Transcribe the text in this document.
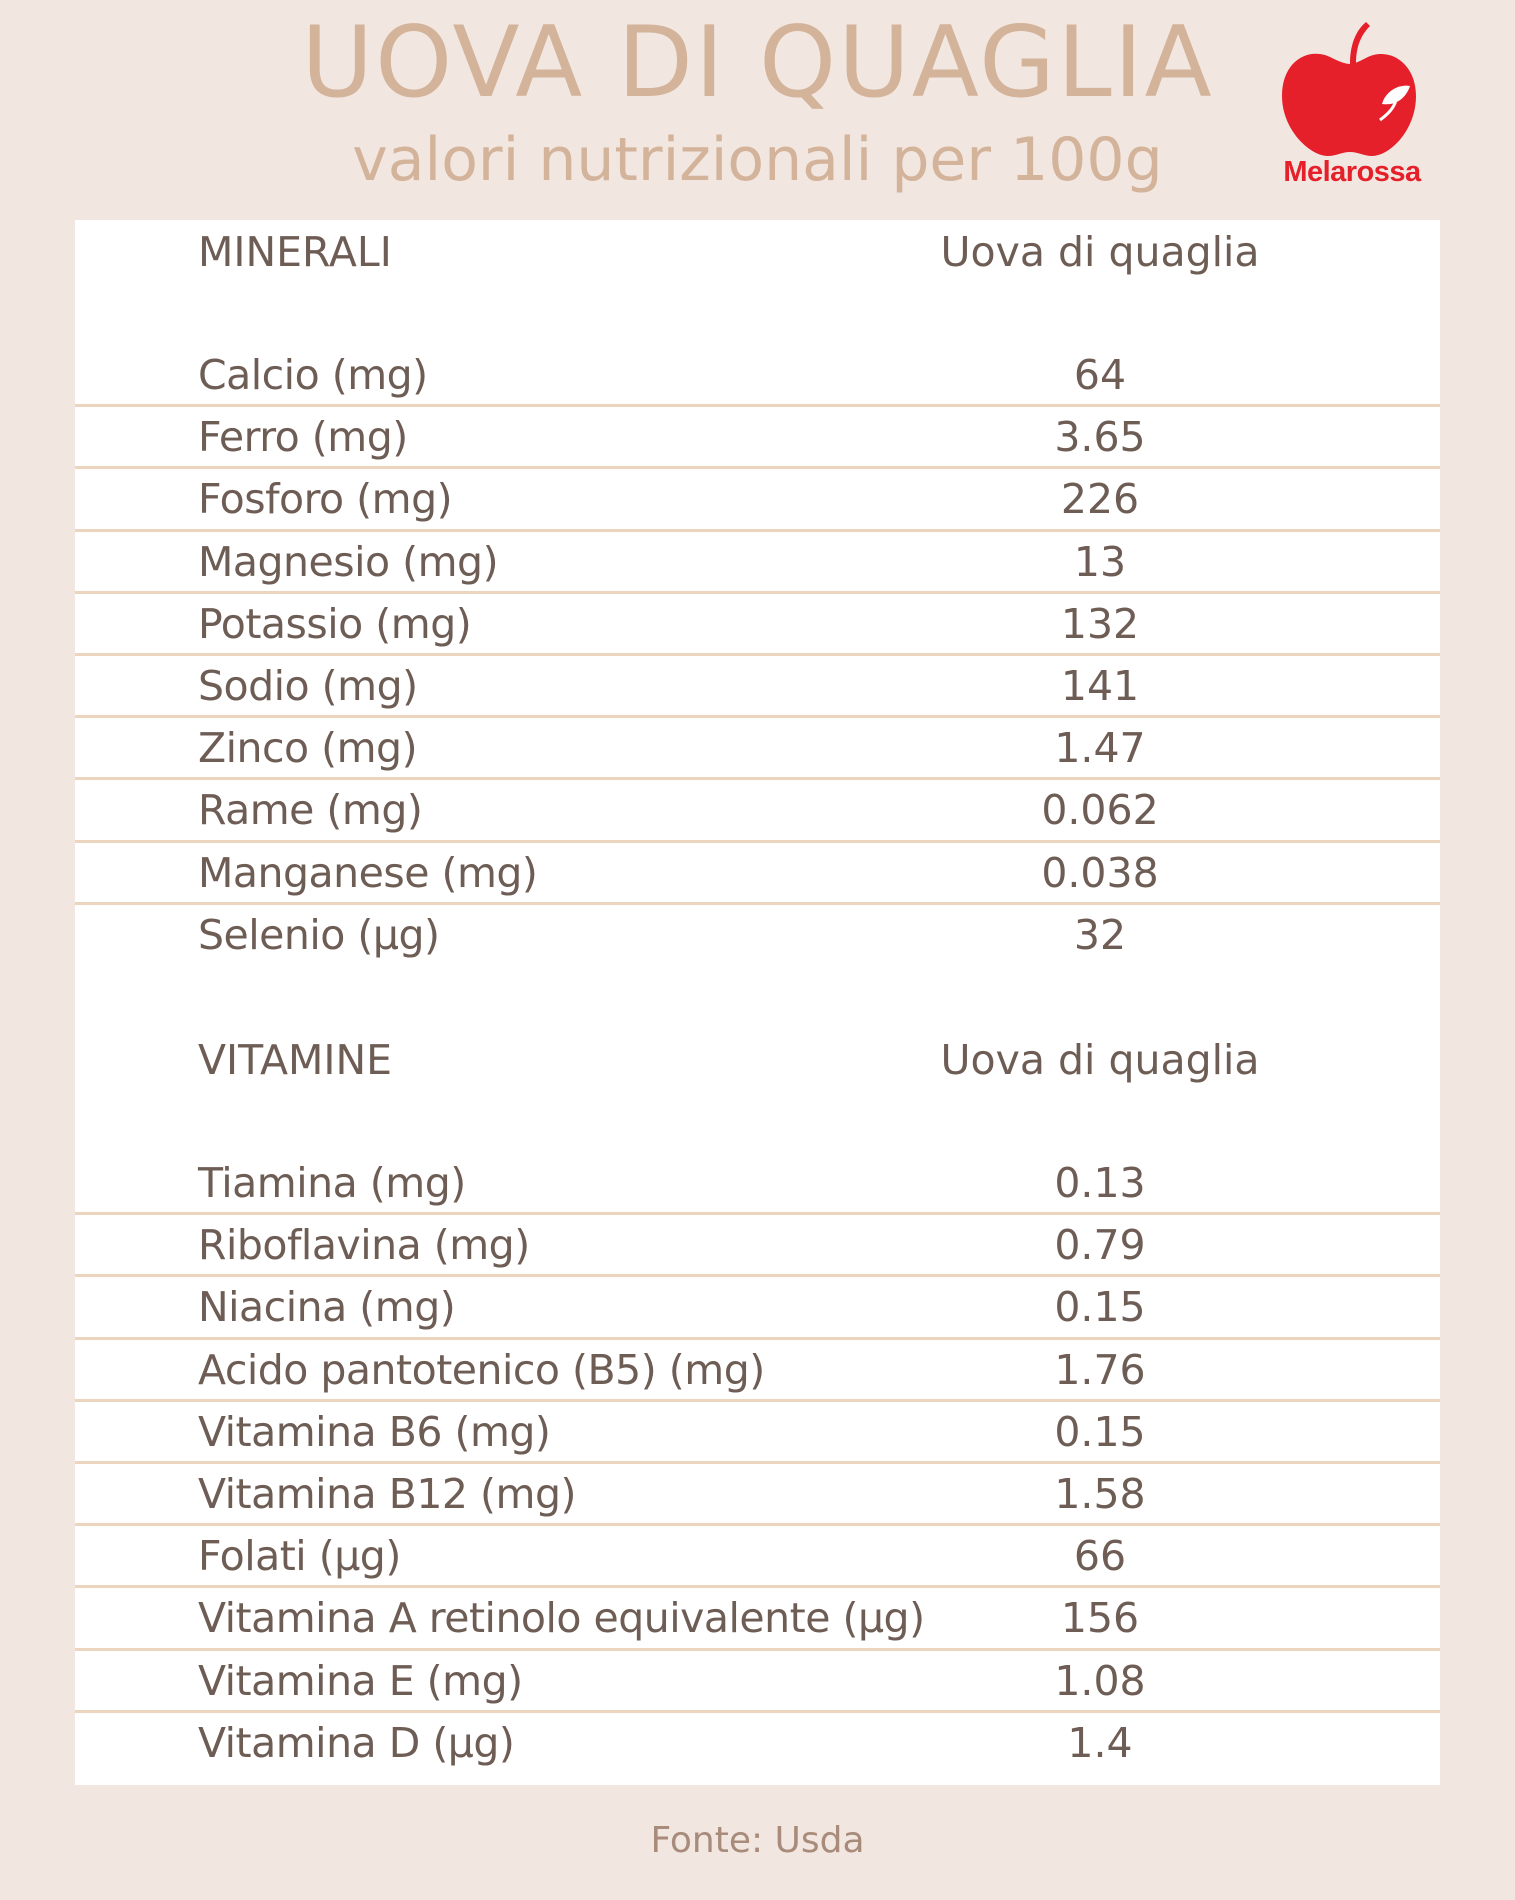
UOVA DI QUAGLIA
valori nutrizionali per 100g	Melarossa
MINERALI	Uova di quaglia
Calcio (mg)	64
Ferro (mg)	3.65
Fosforo (mg)	226
Magnesio (mg)	13
Potassio (mg)	132
Sodio (mg)	141
Zinco (mg)	1.47
Rame (mg)	0.062
Manganese (mg)	0.038
Selenio (µg)	32
VITAMINE	Uova di quaglia
Tiamina (mg)	0.13
Riboflavina (mg)	0.79
Niacina (mg)	0.15
Acido pantotenico (B5) (mg)	1.76
Vitamina B6 (mg)	0.15
Vitamina B12 (mg)	1.58
Folati (µg)	66
Vitamina A retinolo equivalente (µg)	156
Vitamina E (mg)	1.08
Vitamina D (µg)	1.4
Fonte: Usda
